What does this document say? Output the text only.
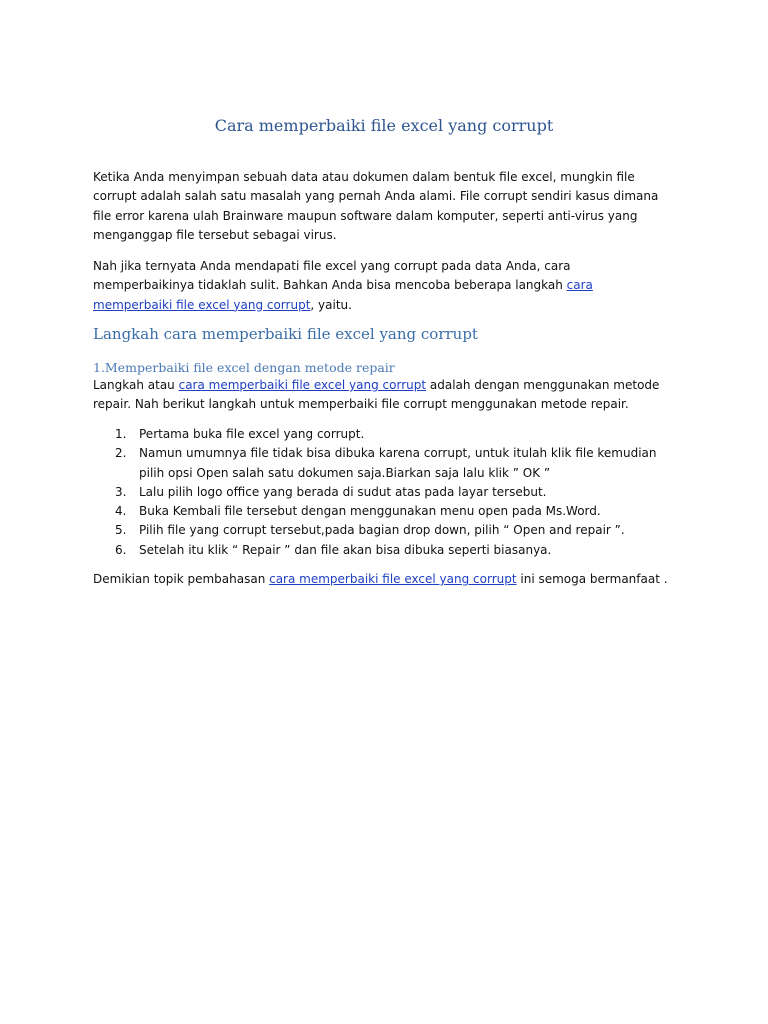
Cara memperbaiki file excel yang corrupt

Ketika Anda menyimpan sebuah data atau dokumen dalam bentuk file excel, mungkin file corrupt adalah salah satu masalah yang pernah Anda alami. File corrupt sendiri kasus dimana file error karena ulah Brainware maupun software dalam komputer, seperti anti-virus yang menganggap file tersebut sebagai virus.

Nah jika ternyata Anda mendapati file excel yang corrupt pada data Anda, cara memperbaikinya tidaklah sulit. Bahkan Anda bisa mencoba beberapa langkah cara memperbaiki file excel yang corrupt, yaitu.

Langkah cara memperbaiki file excel yang corrupt
1.Memperbaiki file excel dengan metode repair

Langkah atau cara memperbaiki file excel yang corrupt adalah dengan menggunakan metode repair. Nah berikut langkah untuk memperbaiki file corrupt menggunakan metode repair.

1. Pertama buka file excel yang corrupt.
2. Namun umumnya file tidak bisa dibuka karena corrupt, untuk itulah klik file kemudian pilih opsi Open salah satu dokumen saja.Biarkan saja lalu klik ” OK ”
3. Lalu pilih logo office yang berada di sudut atas pada layar tersebut.
4. Buka Kembali file tersebut dengan menggunakan menu open pada Ms.Word.
5. Pilih file yang corrupt tersebut,pada bagian drop down, pilih “ Open and repair ”.
6. Setelah itu klik “ Repair ” dan file akan bisa dibuka seperti biasanya.

Demikian topik pembahasan cara memperbaiki file excel yang corrupt ini semoga bermanfaat .
